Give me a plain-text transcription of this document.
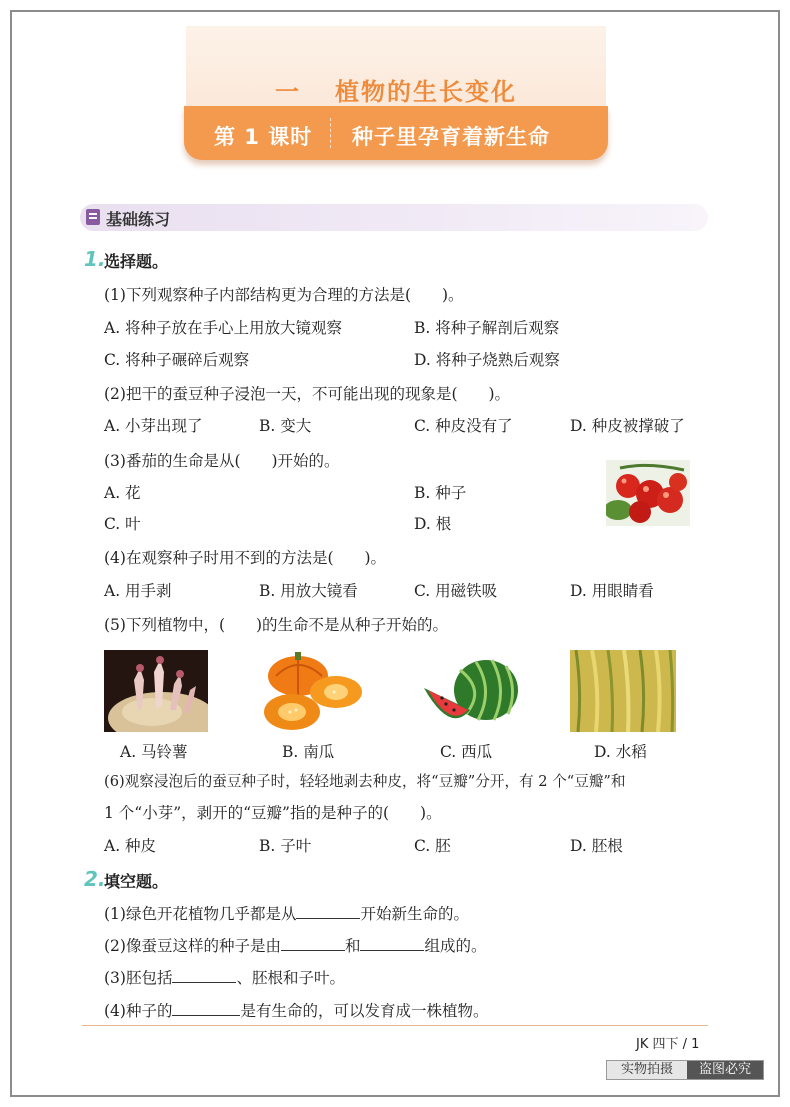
一 植物的生长变化
第 1 课时 种子里孕育着新生命
基础练习
1.
选择题。
(1)下列观察种子内部结构更为合理的方法是(　　)。
A. 将种子放在手心上用放大镜观察	B. 将种子解剖后观察
C. 将种子碾碎后观察	D. 将种子烧熟后观察
(2)把干的蚕豆种子浸泡一天，不可能出现的现象是(　　)。
A. 小芽出现了	B. 变大	C. 种皮没有了	D. 种皮被撑破了
(3)番茄的生命是从(　　)开始的。
A. 花	B. 种子
C. 叶	D. 根
(4)在观察种子时用不到的方法是(　　)。
A. 用手剥	B. 用放大镜看	C. 用磁铁吸	D. 用眼睛看
(5)下列植物中，(　　)的生命不是从种子开始的。
A. 马铃薯	B. 南瓜	C. 西瓜	D. 水稻
(6)观察浸泡后的蚕豆种子时，轻轻地剥去种皮，将“豆瓣”分开，有 2 个“豆瓣”和
1 个“小芽”，剥开的“豆瓣”指的是种子的(　　)。
A. 种皮	B. 子叶	C. 胚	D. 胚根
2.
填空题。
(1)绿色开花植物几乎都是从	开始新生命的。
(2)像蚕豆这样的种子是由	和	组成的。
(3)胚包括	、胚根和子叶。
(4)种子的	是有生命的，可以发育成一株植物。
JK 四下 / 1
实物拍摄	盗图必究
